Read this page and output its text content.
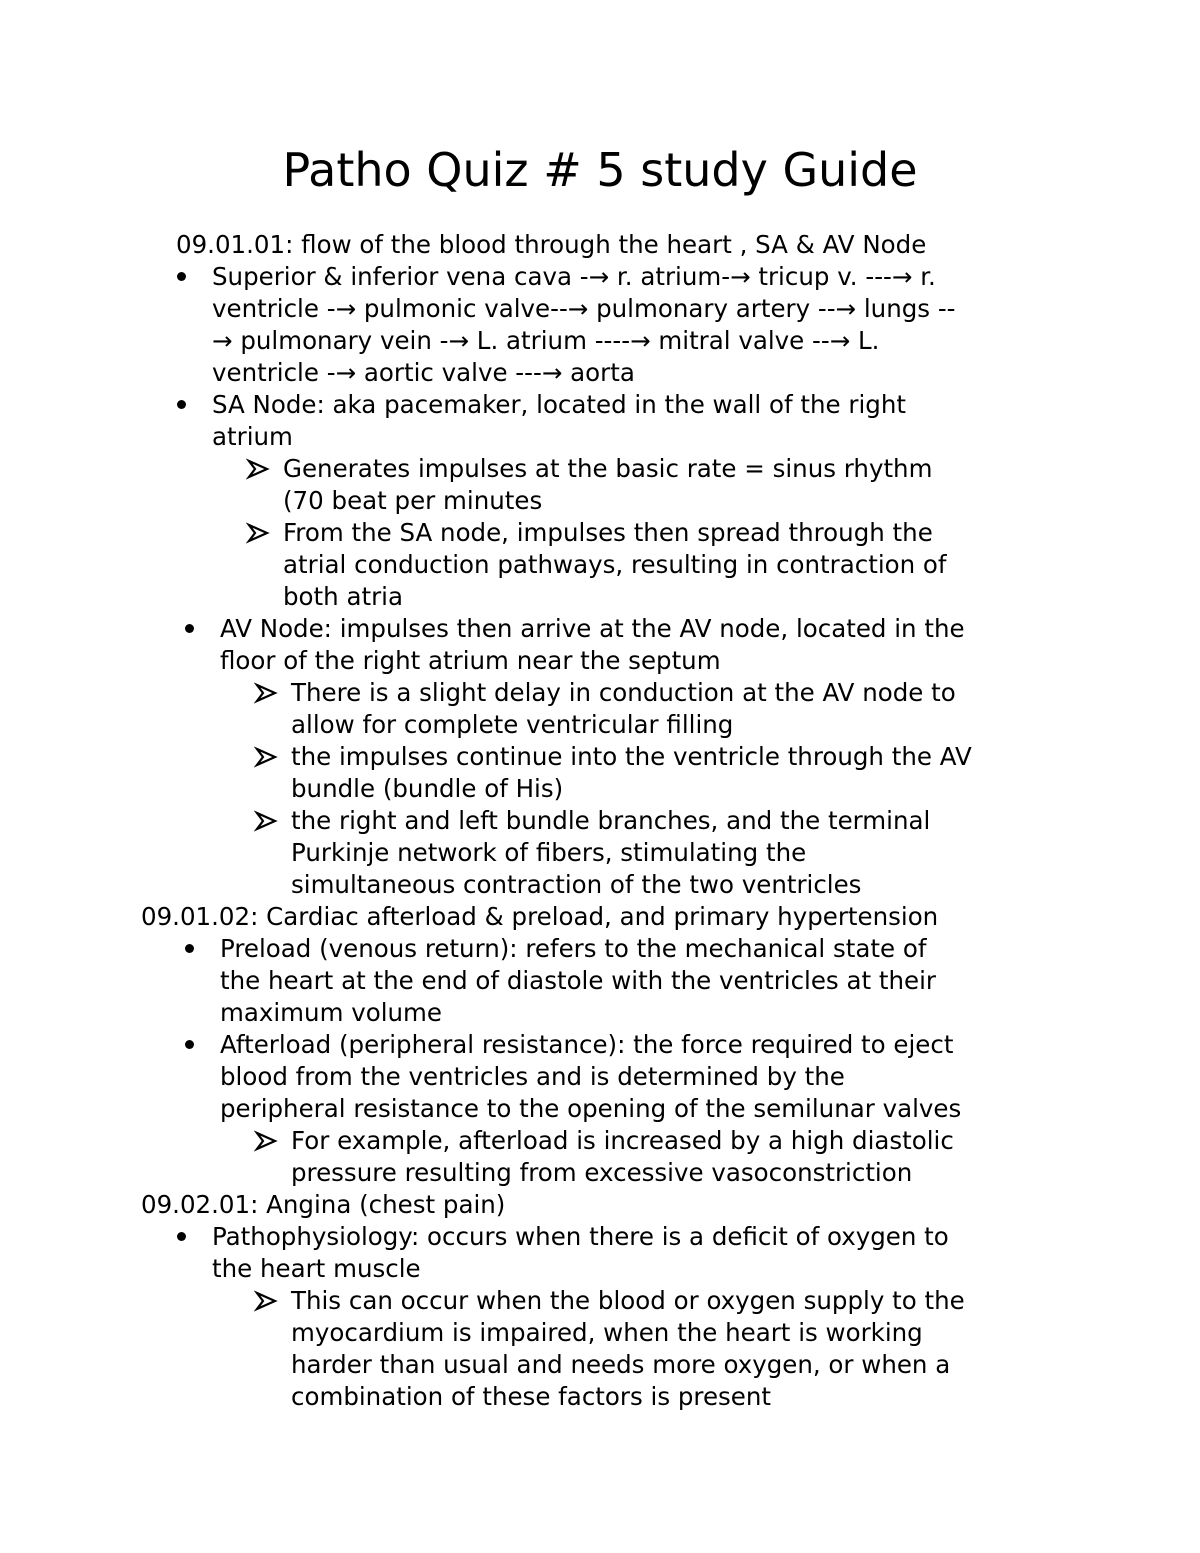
Patho Quiz # 5 study Guide
09.01.01: flow of the blood through the heart , SA & AV Node
Superior & inferior vena cava -→ r. atrium-→ tricup v. ---→ r.
ventricle -→ pulmonic valve--→ pulmonary artery --→ lungs --
→ pulmonary vein -→ L. atrium ----→ mitral valve --→ L.
ventricle -→ aortic valve ---→ aorta
SA Node: aka pacemaker, located in the wall of the right
atrium
Generates impulses at the basic rate = sinus rhythm
(70 beat per minutes
From the SA node, impulses then spread through the
atrial conduction pathways, resulting in contraction of
both atria
AV Node: impulses then arrive at the AV node, located in the
floor of the right atrium near the septum
There is a slight delay in conduction at the AV node to
allow for complete ventricular filling
the impulses continue into the ventricle through the AV
bundle (bundle of His)
the right and left bundle branches, and the terminal
Purkinje network of fibers, stimulating the
simultaneous contraction of the two ventricles
09.01.02: Cardiac afterload & preload, and primary hypertension
Preload (venous return): refers to the mechanical state of
the heart at the end of diastole with the ventricles at their
maximum volume
Afterload (peripheral resistance): the force required to eject
blood from the ventricles and is determined by the
peripheral resistance to the opening of the semilunar valves
For example, afterload is increased by a high diastolic
pressure resulting from excessive vasoconstriction
09.02.01: Angina (chest pain)
Pathophysiology: occurs when there is a deficit of oxygen to
the heart muscle
This can occur when the blood or oxygen supply to the
myocardium is impaired, when the heart is working
harder than usual and needs more oxygen, or when a
combination of these factors is present
